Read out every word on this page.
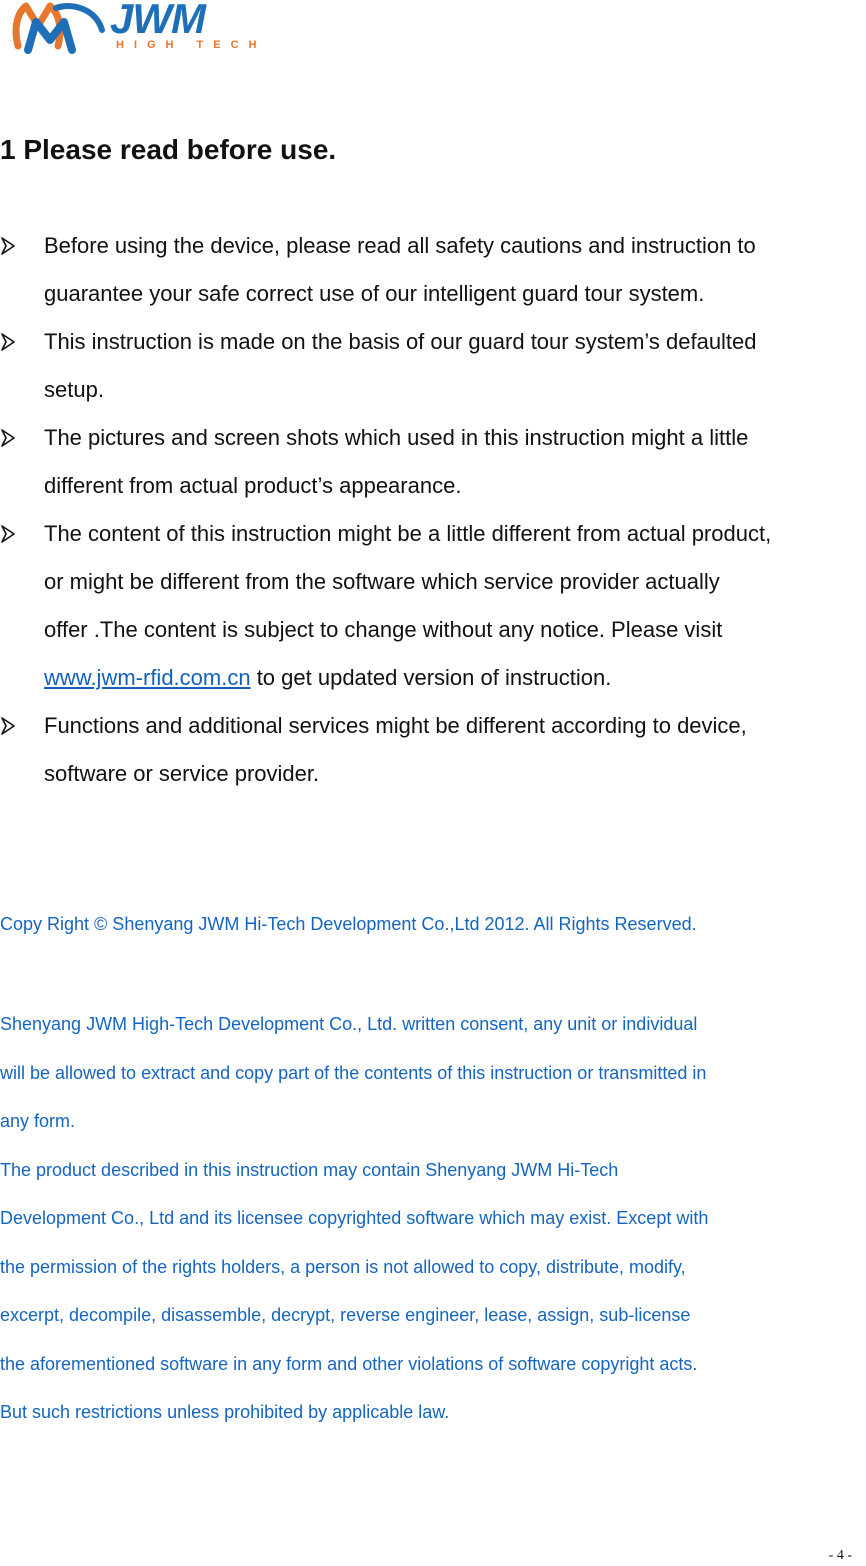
JWM
HIGH TECH
1 Please read before use.
Before using the device, please read all safety cautions and instruction to
guarantee your safe correct use of our intelligent guard tour system.
This instruction is made on the basis of our guard tour system’s defaulted
setup.
The pictures and screen shots which used in this instruction might a little
different from actual product’s appearance.
The content of this instruction might be a little different from actual product,
or might be different from the software which service provider actually
offer .The content is subject to change without any notice. Please visit
www.jwm-rfid.com.cn to get updated version of instruction.
Functions and additional services might be different according to device,
software or service provider.
Copy Right © Shenyang JWM Hi-Tech Development Co.,Ltd 2012. All Rights Reserved.
Shenyang JWM High-Tech Development Co., Ltd. written consent, any unit or individual
will be allowed to extract and copy part of the contents of this instruction or transmitted in
any form.
The product described in this instruction may contain Shenyang JWM Hi-Tech
Development Co., Ltd and its licensee copyrighted software which may exist. Except with
the permission of the rights holders, a person is not allowed to copy, distribute, modify,
excerpt, decompile, disassemble, decrypt, reverse engineer, lease, assign, sub-license
the aforementioned software in any form and other violations of software copyright acts.
But such restrictions unless prohibited by applicable law.
- 4 -
